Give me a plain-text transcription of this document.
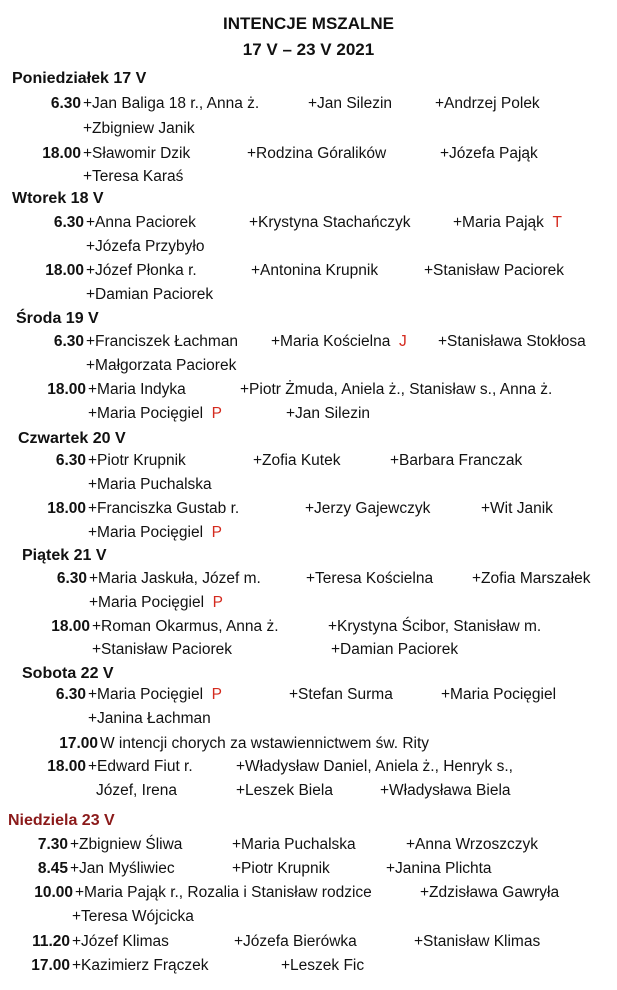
INTENCJE MSZALNE
17 V – 23 V 2021
Poniedziałek 17 V
6.30 +Jan Baliga 18 r., Anna ż.	+Jan Silezin	+Andrzej Polek
+Zbigniew Janik
18.00 +Sławomir Dzik	+Rodzina Góralików	+Józefa Pająk
+Teresa Karaś
Wtorek 18 V
6.30 +Anna Paciorek	+Krystyna Stachańczyk	+Maria Pająk  T
+Józefa Przybyło
18.00 +Józef Płonka r.	+Antonina Krupnik	+Stanisław Paciorek
+Damian Paciorek
Środa 19 V
6.30 +Franciszek Łachman +Maria Kościelna  J +Stanisława Stokłosa
+Małgorzata Paciorek
18.00 +Maria Indyka	+Piotr Żmuda, Aniela ż., Stanisław s., Anna ż.
+Maria Pocięgiel  P	+Jan Silezin
Czwartek 20 V
6.30 +Piotr Krupnik	+Zofia Kutek	+Barbara Franczak
+Maria Puchalska
18.00 +Franciszka Gustab r.	+Jerzy Gajewczyk	+Wit Janik
+Maria Pocięgiel  P
Piątek 21 V
6.30 +Maria Jaskuła, Józef m.	+Teresa Kościelna	+Zofia Marszałek
+Maria Pocięgiel  P
18.00 +Roman Okarmus, Anna ż.	+Krystyna Ścibor, Stanisław m.
+Stanisław Paciorek	+Damian Paciorek
Sobota 22 V
6.30 +Maria Pocięgiel  P	+Stefan Surma	+Maria Pocięgiel
+Janina Łachman
17.00 W intencji chorych za wstawiennictwem św. Rity
18.00 +Edward Fiut r.	+Władysław Daniel, Aniela ż., Henryk s.,
Józef, Irena	+Leszek Biela	+Władysława Biela
Niedziela 23 V
7.30 +Zbigniew Śliwa	+Maria Puchalska	+Anna Wrzoszczyk
8.45 +Jan Myśliwiec	+Piotr Krupnik	+Janina Plichta
10.00 +Maria Pająk r., Rozalia i Stanisław rodzice	+Zdzisława Gawryła
+Teresa Wójcicka
11.20 +Józef Klimas	+Józefa Bierówka	+Stanisław Klimas
17.00 +Kazimierz Frączek	+Leszek Fic
